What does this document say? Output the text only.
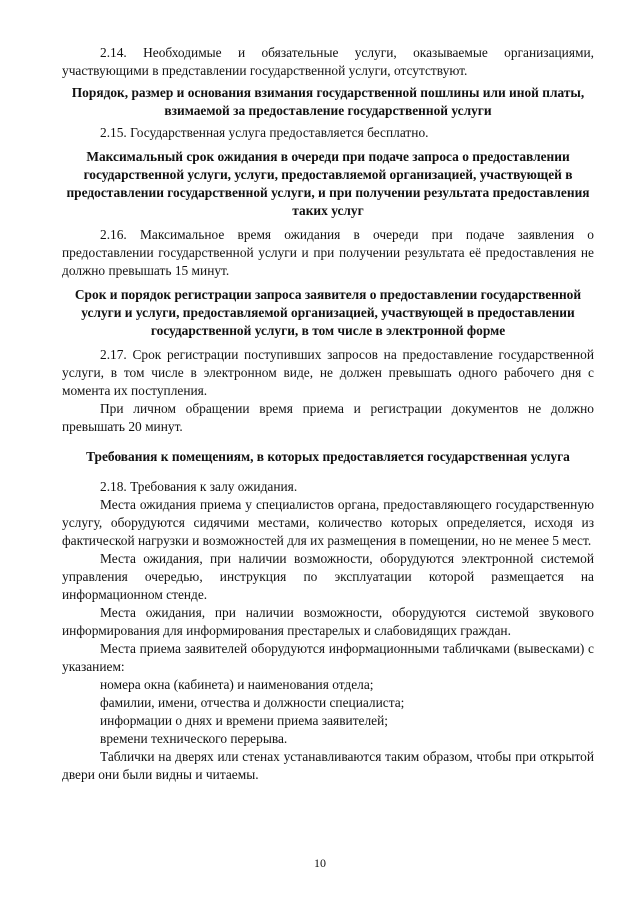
2.14. Необходимые и обязательные услуги, оказываемые организациями, участвующими в представлении государственной услуги, отсутствуют.

Порядок, размер и основания взимания государственной пошлины или иной платы, взимаемой за предоставление государственной услуги

2.15. Государственная услуга предоставляется бесплатно.

Максимальный срок ожидания в очереди при подаче запроса о предоставлении государственной услуги, услуги, предоставляемой организацией, участвующей в предоставлении государственной услуги, и при получении результата предоставления таких услуг

2.16. Максимальное время ожидания в очереди при подаче заявления о предоставлении государственной услуги и при получении результата её предоставления не должно превышать 15 минут.

Срок и порядок регистрации запроса заявителя о предоставлении государственной услуги и услуги, предоставляемой организацией, участвующей в предоставлении государственной услуги, в том числе в электронной форме

2.17. Срок регистрации поступивших запросов на предоставление государственной услуги, в том числе в электронном виде, не должен превышать одного рабочего дня с момента их поступления.

При личном обращении время приема и регистрации документов не должно превышать 20 минут.

Требования к помещениям, в которых предоставляется государственная услуга

2.18. Требования к залу ожидания.

Места ожидания приема у специалистов органа, предоставляющего государственную услугу, оборудуются сидячими местами, количество которых определяется, исходя из фактической нагрузки и возможностей для их размещения в помещении, но не менее 5 мест.

Места ожидания, при наличии возможности, оборудуются электронной системой управления очередью, инструкция по эксплуатации которой размещается на информационном стенде.

Места ожидания, при наличии возможности, оборудуются системой звукового информирования для информирования престарелых и слабовидящих граждан.

Места приема заявителей оборудуются информационными табличками (вывесками) с указанием:

номера окна (кабинета) и наименования отдела;

фамилии, имени, отчества и должности специалиста;

информации о днях и времени приема заявителей;

времени технического перерыва.

Таблички на дверях или стенах устанавливаются таким образом, чтобы при открытой двери они были видны и читаемы.

10
